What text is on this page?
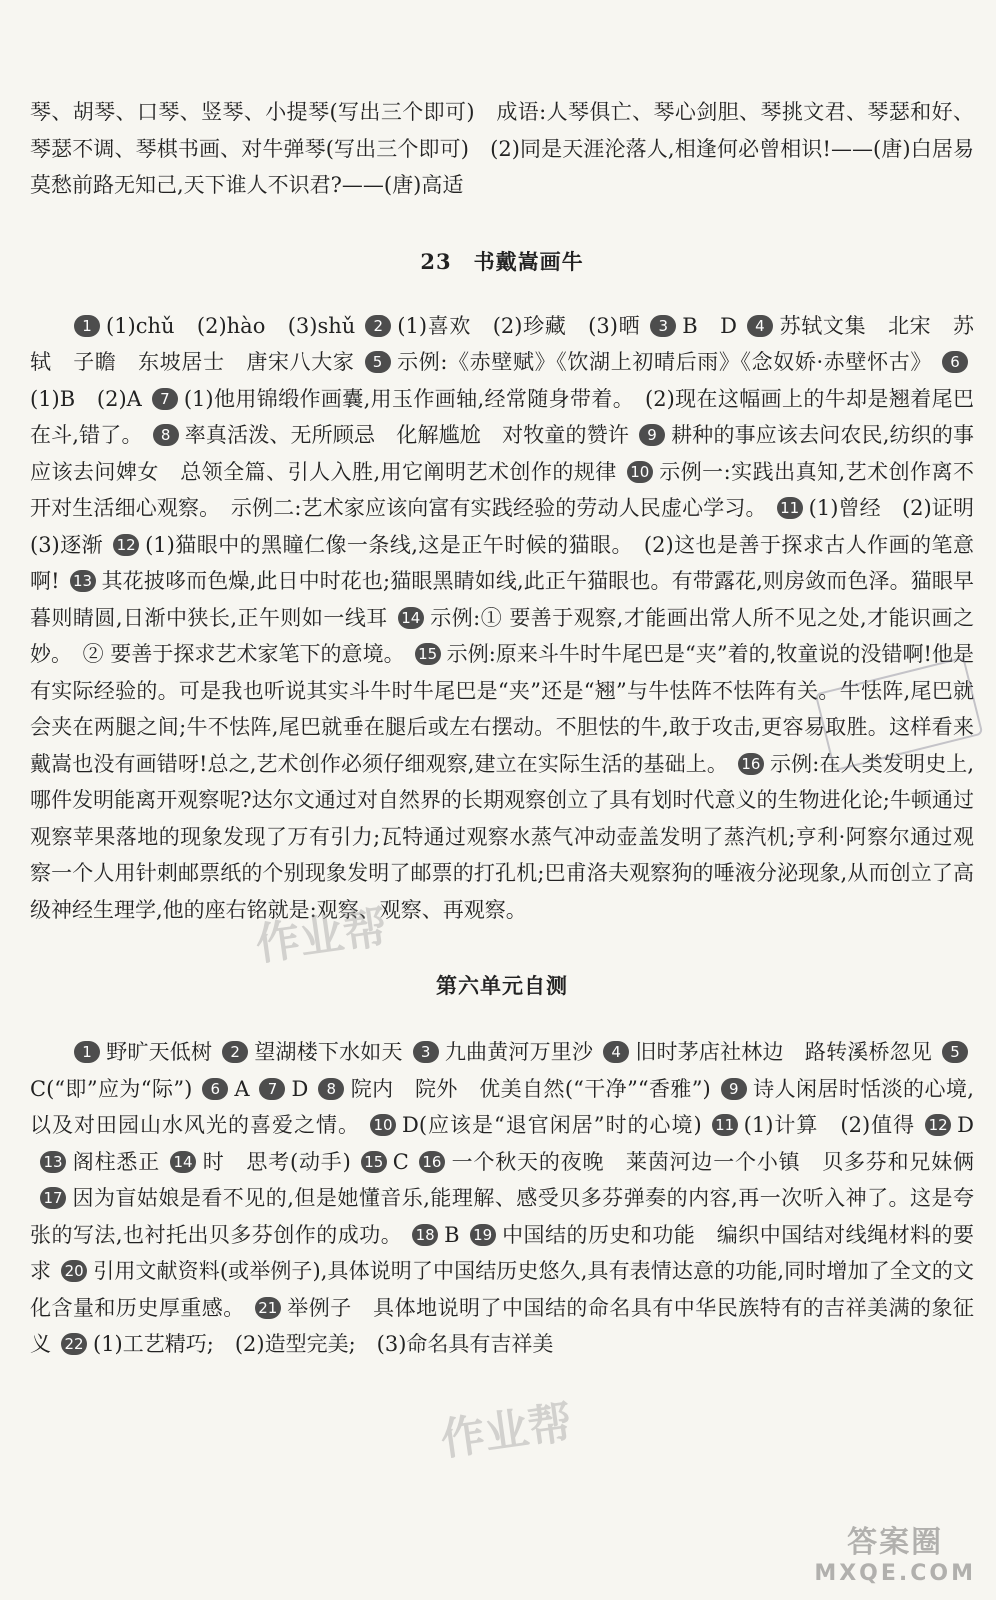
琴、胡琴、口琴、竖琴、小提琴(写出三个即可)　成语:人琴俱亡、琴心剑胆、琴挑文君、琴瑟和好、琴瑟不调、琴棋书画、对牛弹琴(写出三个即可)　(2)同是天涯沦落人,相逢何必曾相识!——(唐)白居易　莫愁前路无知己,天下谁人不识君?——(唐)高适

23　书戴嵩画牛

1 (1)chǔ　(2)hào　(3)shǔ 2 (1)喜欢　(2)珍藏　(3)晒 3 B　D 4 苏轼文集　北宋　苏轼　子瞻　东坡居士　唐宋八大家 5 示例:《赤壁赋》《饮湖上初晴后雨》《念奴娇·赤壁怀古》 6(1)B　(2)A 7 (1)他用锦缎作画囊,用玉作画轴,经常随身带着。　(2)现在这幅画上的牛却是翘着尾巴在斗,错了。 8 率真活泼、无所顾忌　化解尴尬　对牧童的赞许 9 耕种的事应该去问农民,纺织的事应该去问婢女　总领全篇、引人入胜,用它阐明艺术创作的规律 10 示例一:实践出真知,艺术创作离不开对生活细心观察。　示例二:艺术家应该向富有实践经验的劳动人民虚心学习。 11 (1)曾经　(2)证明　(3)逐渐 12 (1)猫眼中的黑瞳仁像一条线,这是正午时候的猫眼。　(2)这也是善于探求古人作画的笔意啊! 13 其花披哆而色燥,此日中时花也;猫眼黑睛如线,此正午猫眼也。有带露花,则房敛而色泽。猫眼早暮则睛圆,日渐中狭长,正午则如一线耳 14 示例:① 要善于观察,才能画出常人所不见之处,才能识画之妙。　② 要善于探求艺术家笔下的意境。 15 示例:原来斗牛时牛尾巴是“夹”着的,牧童说的没错啊!他是有实际经验的。可是我也听说其实斗牛时牛尾巴是“夹”还是“翘”与牛怯阵不怯阵有关。牛怯阵,尾巴就会夹在两腿之间;牛不怯阵,尾巴就垂在腿后或左右摆动。不胆怯的牛,敢于攻击,更容易取胜。这样看来戴嵩也没有画错呀!总之,艺术创作必须仔细观察,建立在实际生活的基础上。 16 示例:在人类发明史上,哪件发明能离开观察呢?达尔文通过对自然界的长期观察创立了具有划时代意义的生物进化论;牛顿通过观察苹果落地的现象发现了万有引力;瓦特通过观察水蒸气冲动壶盖发明了蒸汽机;亨利·阿察尔通过观察一个人用针刺邮票纸的个别现象发明了邮票的打孔机;巴甫洛夫观察狗的唾液分泌现象,从而创立了高级神经生理学,他的座右铭就是:观察、观察、再观察。

第六单元自测

1 野旷天低树 2 望湖楼下水如天 3 九曲黄河万里沙 4 旧时茅店社林边　路转溪桥忽见 5C(“即”应为“际”) 6 A 7 D 8 院内　院外　优美自然(“干净”“香雅”) 9 诗人闲居时恬淡的心境,以及对田园山水风光的喜爱之情。 10 D(应该是“退官闲居”时的心境) 11 (1)计算　(2)值得 12 D13 阁柱悉正 14 时　思考(动手) 15 C 16 一个秋天的夜晚　莱茵河边一个小镇　贝多芬和兄妹俩17 因为盲姑娘是看不见的,但是她懂音乐,能理解、感受贝多芬弹奏的内容,再一次听入神了。这是夸张的写法,也衬托出贝多芬创作的成功。 18 B 19 中国结的历史和功能　编织中国结对线绳材料的要求 20 引用文献资料(或举例子),具体说明了中国结历史悠久,具有表情达意的功能,同时增加了全文的文化含量和历史厚重感。 21 举例子　具体地说明了中国结的命名具有中华民族特有的吉祥美满的象征义 22 (1)工艺精巧;　(2)造型完美;　(3)命名具有吉祥美

作业帮
作业帮
答案圈
MXQE.COM
